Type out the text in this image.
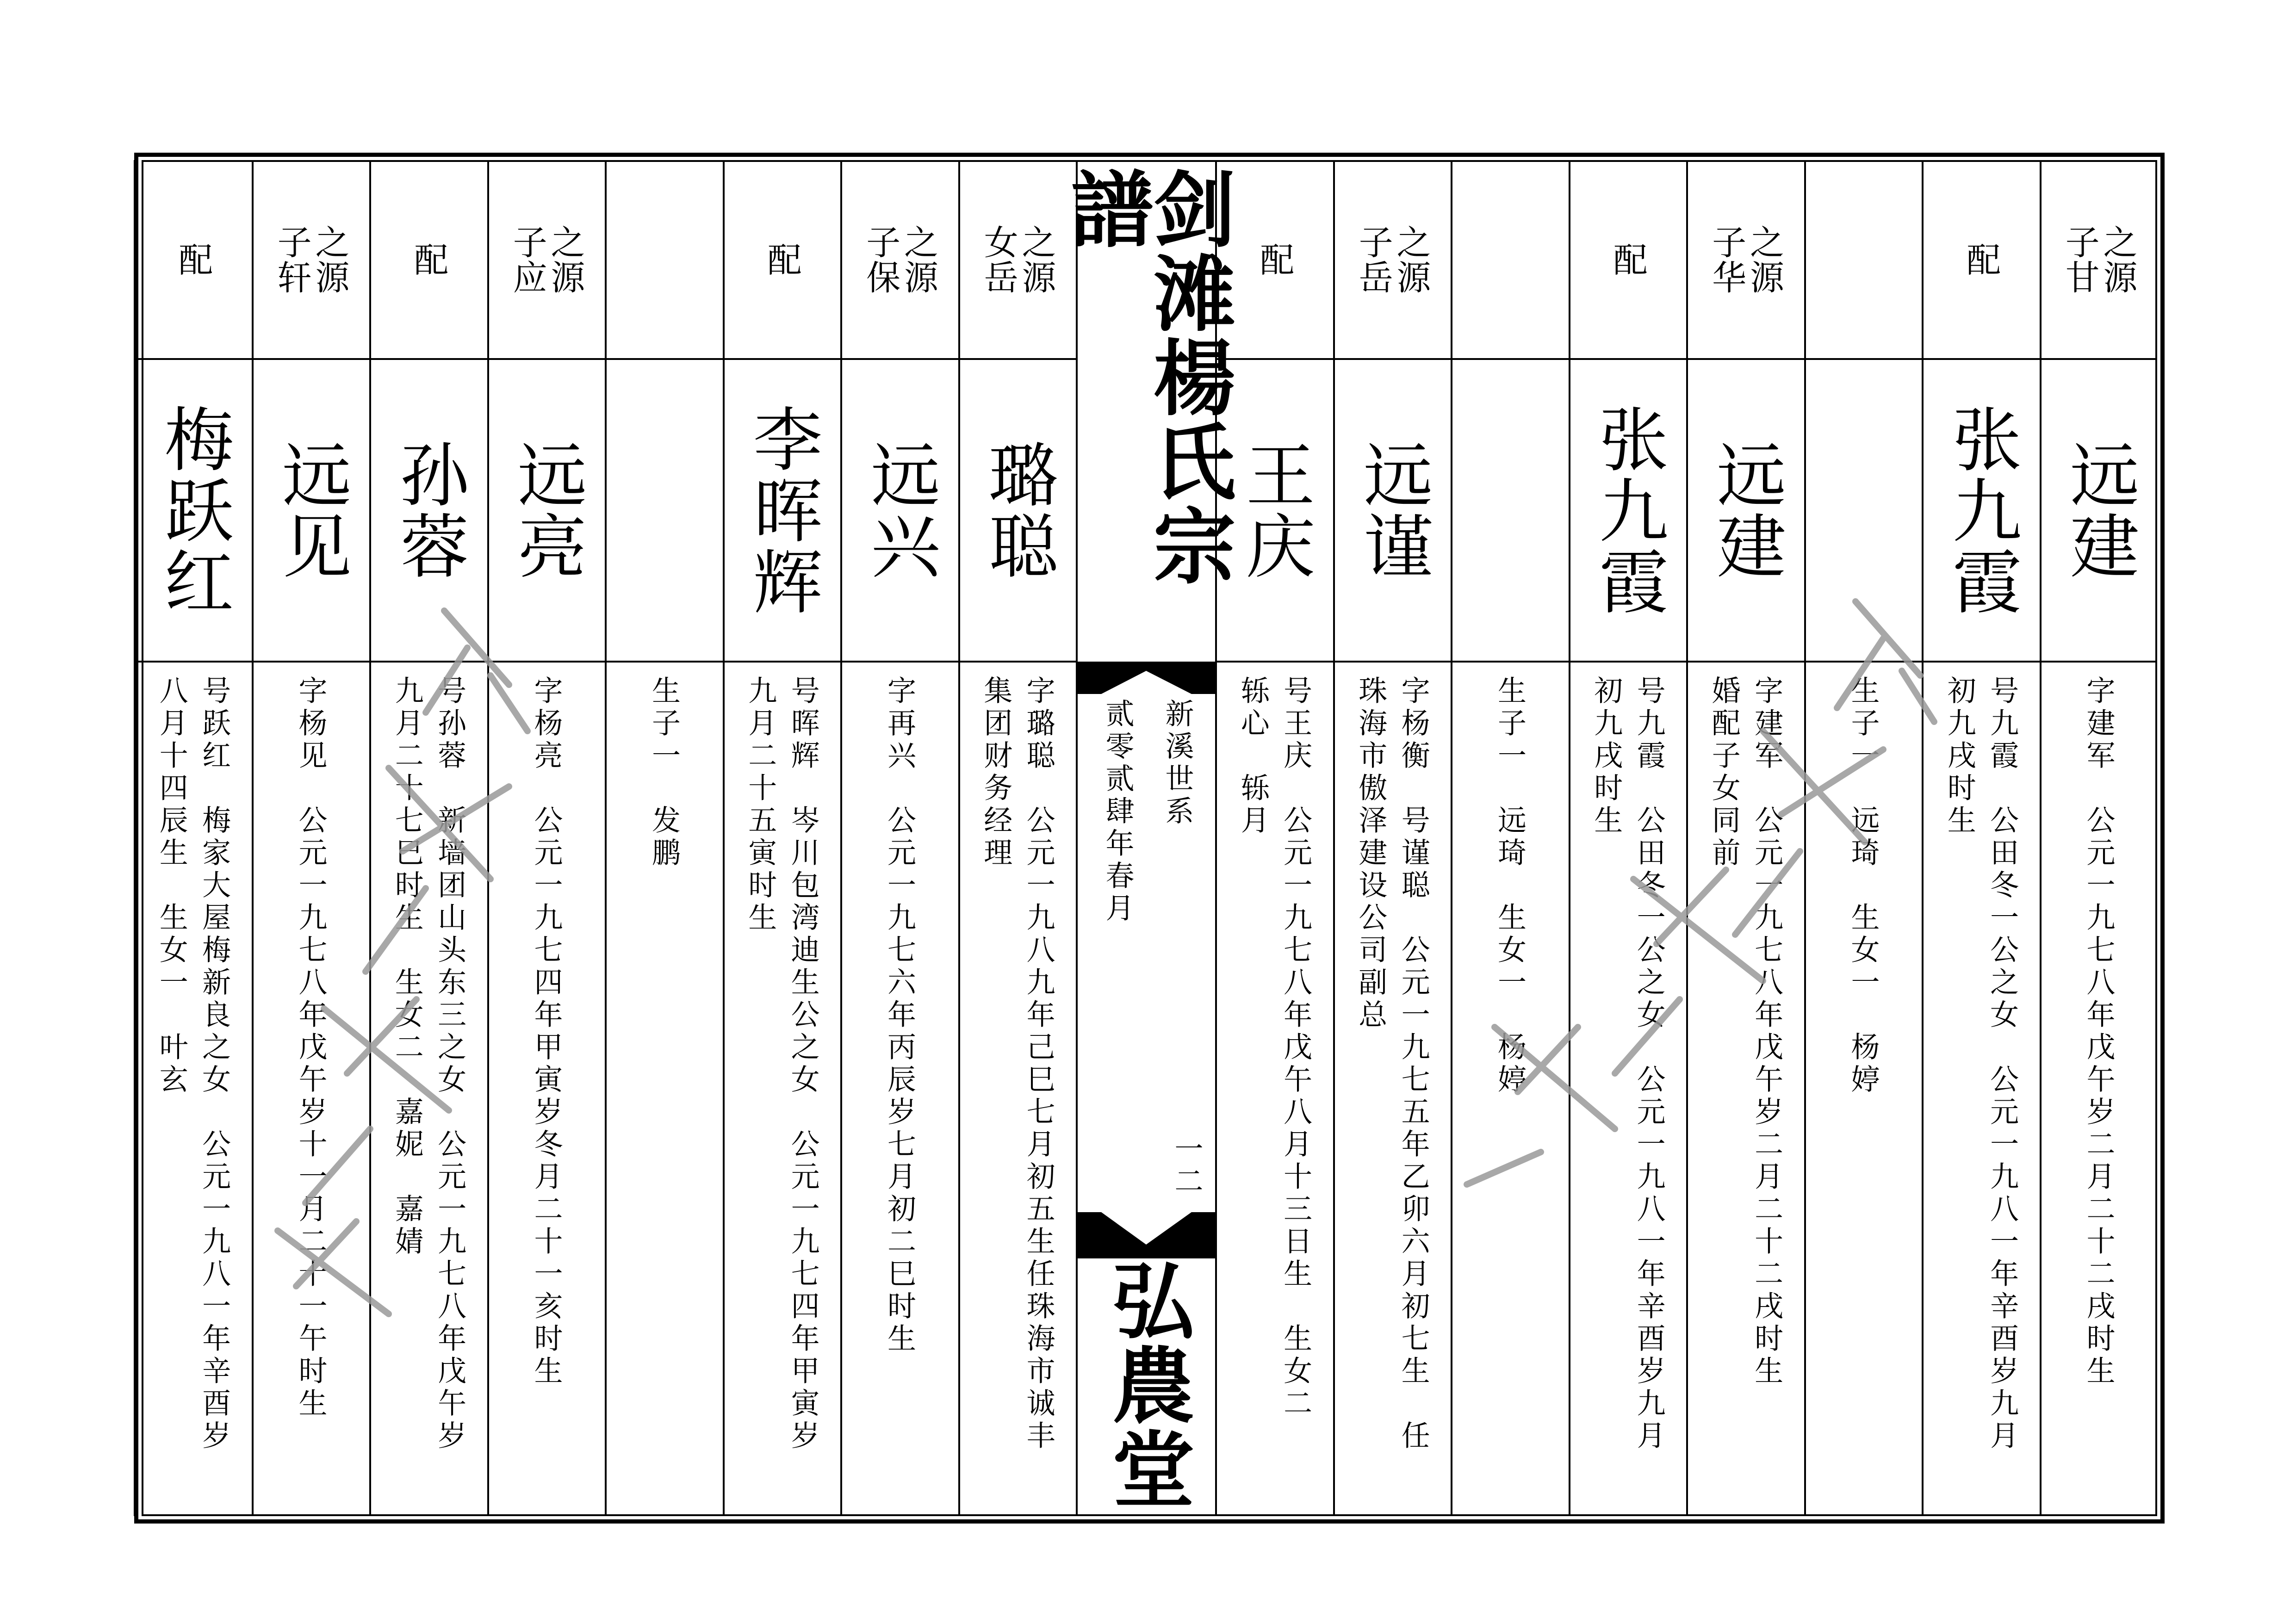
之源
子甘
远建
字建军　公元一九七八年戊午岁二月二十二戌时生
配
张九霞
号九霞　公田冬一公之女　公元一九八一年辛酉岁九月
初九戌时生
生子一　远琦　生女一　杨婷
之源
子华
远建
字建军　公元一九七八年戊午岁二月二十二戌时生
婚配子女同前
配
张九霞
号九霞　公田冬一公之女　公元一九八一年辛酉岁九月
初九戌时生
生子一　远琦　生女一　杨婷
之源
子岳
远谨
字杨衡　号谨聪　公元一九七五年乙卯六月初七生　任
珠海市傲泽建设公司副总
配
王庆
号王庆　公元一九七八年戊午八月十三日生　生女二
轹心　轹月
之源
女岳
璐聪
字璐聪　公元一九八九年己巳七月初五生任珠海市诚丰
集团财务经理
之源
子保
远兴
字再兴　公元一九七六年丙辰岁七月初二巳时生
配
李晖辉
号晖辉　岑川包湾迪生公之女　公元一九七四年甲寅岁
九月二十五寅时生
生子一　发鹏
之源
子应
远亮
字杨亮　公元一九七四年甲寅岁冬月二十一亥时生
配
孙蓉
号孙蓉　新墙团山头东三之女　公元一九七八年戊午岁
九月二十七巳时生　生女二　嘉妮　嘉婧
之源
子轩
远见
字杨见　公元一九七八年戊午岁十一月二十一午时生
配
梅跃红
号跃红　梅家大屋梅新良之女　公元一九八一年辛酉岁
八月十四辰生　生女一　叶玄
剑滩楊氏宗譜
新溪世系
贰零贰肆年春月
一二
弘農堂
